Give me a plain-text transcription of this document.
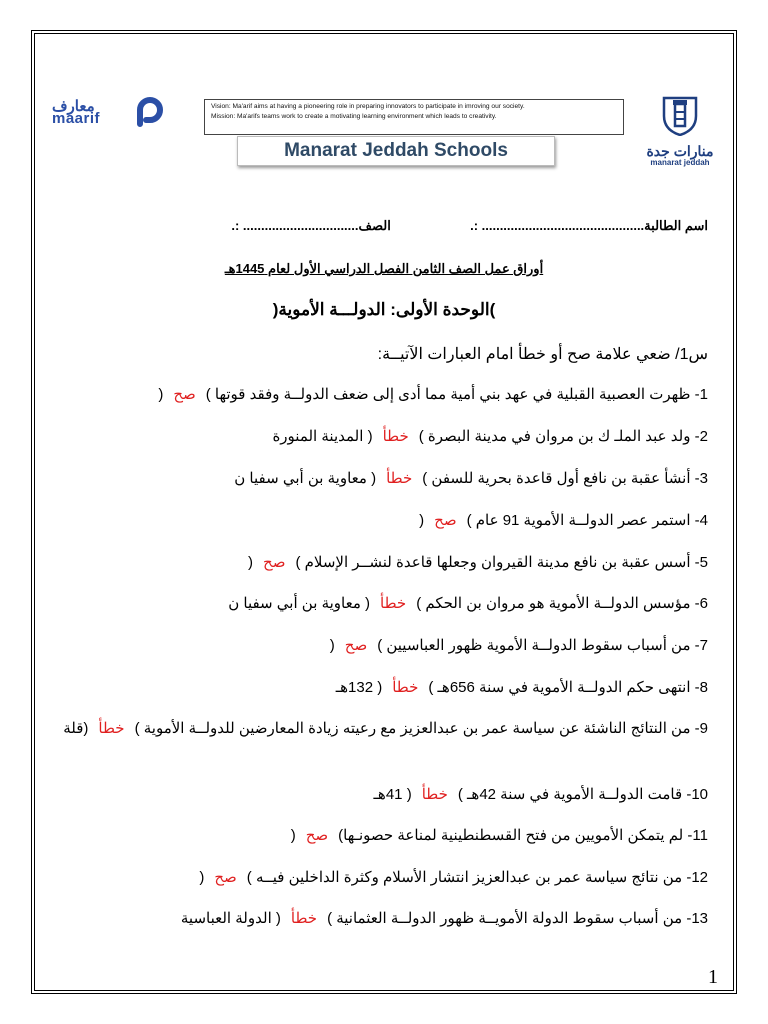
معارف
maarif
Vision: Ma'arif aims at having a pioneering role in preparing innovators to participate in imroving our society.
Mission: Ma'arifs teams work to create a motivating learning environment which leads to creativity.
Manarat Jeddah Schools	منارات جدة
manarat jeddah
اسم الطالبة............................................. :.  الصف................................ :.
أوراق عمل الصف الثامن الفصل الدراسي الأول لعام 1445هـ
)الوحدة الأولى: الدولـــة الأموية(
س1/ ضعي علامة صح أو خطأ امام العبارات الآتيــة:
1- ظهرت العصبية القبلية في عهد بني أمية مما أدى إلى ضعف الدولــة وفقد قوتها )صح(
2- ولد عبد الملـ ك بن مروان في مدينة البصرة )خطأ( المدينة المنورة
3- أنشأ عقبة بن نافع أول قاعدة بحرية للسفن )خطأ( معاوية بن أبي سفيا ن
4- استمر عصر الدولــة الأموية 91 عام )صح(
5- أسس عقبة بن نافع مدينة القيروان وجعلها قاعدة لنشــر الإسلام )صح(
6- مؤسس الدولــة الأموية هو مروان بن الحكم )خطأ( معاوية بن أبي سفيا ن
7- من أسباب سقوط الدولــة الأموية ظهور العباسيين )صح(
8- انتهى حكم الدولــة الأموية في سنة 656هـ )خطأ( 132هـ
9- من النتائج الناشئة عن سياسة عمر بن عبدالعزيز مع رعيته زيادة المعارضين للدولــة الأموية )خطأ(قلة
10- قامت الدولــة الأموية في سنة 42هـ )خطأ( 41هـ
11- لم يتمكن الأمويين من فتح القسطنطينية لمناعة حصونـها)صح(
12- من نتائج سياسة عمر بن عبدالعزيز انتشار الأسلام وكثرة الداخلين فيــه )صح(
13- من أسباب سقوط الدولة الأمويــة ظهور الدولــة العثمانية )خطأ( الدولة العباسية
1
